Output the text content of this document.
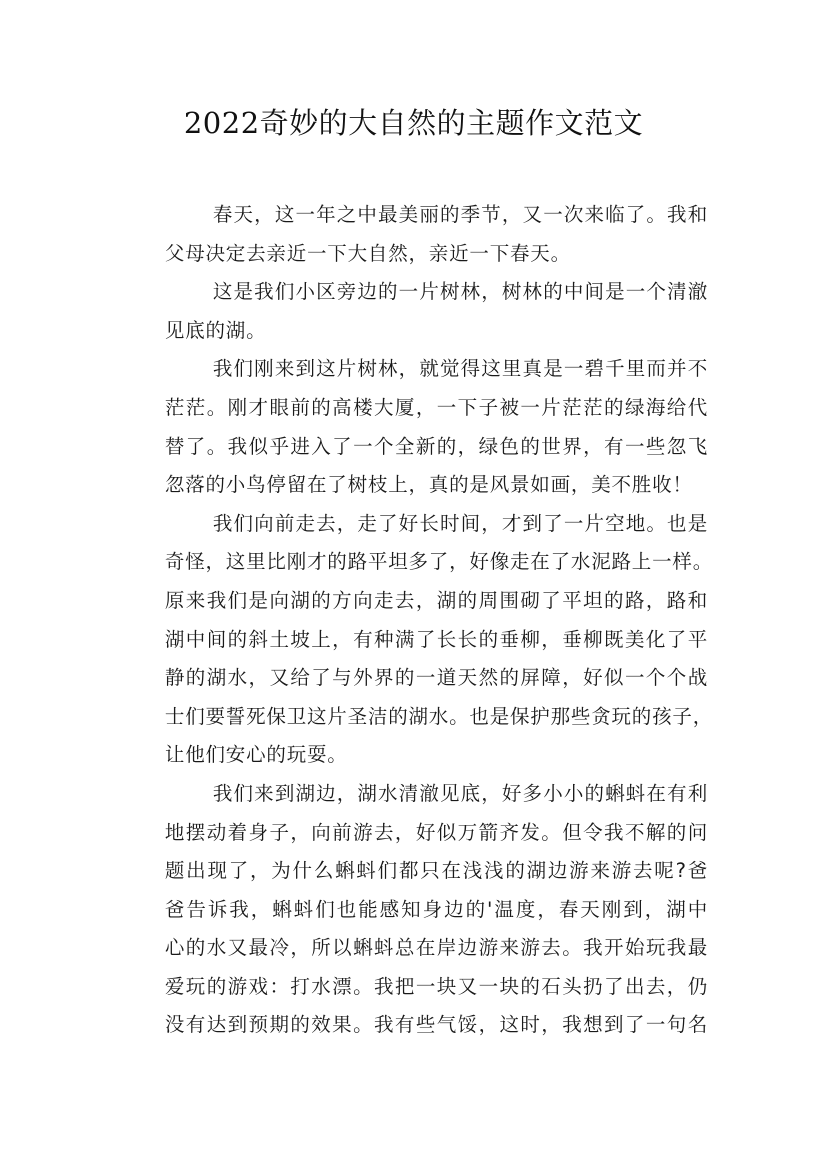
2022奇妙的大自然的主题作文范文
春天，这一年之中最美丽的季节，又一次来临了。我和
父母决定去亲近一下大自然，亲近一下春天。
这是我们小区旁边的一片树林，树林的中间是一个清澈
见底的湖。
我们刚来到这片树林，就觉得这里真是一碧千里而并不
茫茫。刚才眼前的高楼大厦，一下子被一片茫茫的绿海给代
替了。我似乎进入了一个全新的，绿色的世界，有一些忽飞
忽落的小鸟停留在了树枝上，真的是风景如画，美不胜收！
我们向前走去，走了好长时间，才到了一片空地。也是
奇怪，这里比刚才的路平坦多了，好像走在了水泥路上一样。
原来我们是向湖的方向走去，湖的周围砌了平坦的路，路和
湖中间的斜土坡上，有种满了长长的垂柳，垂柳既美化了平
静的湖水，又给了与外界的一道天然的屏障，好似一个个战
士们要誓死保卫这片圣洁的湖水。也是保护那些贪玩的孩子，
让他们安心的玩耍。
我们来到湖边，湖水清澈见底，好多小小的蝌蚪在有利
地摆动着身子，向前游去，好似万箭齐发。但令我不解的问
题出现了，为什么蝌蚪们都只在浅浅的湖边游来游去呢?爸
爸告诉我，蝌蚪们也能感知身边的'温度，春天刚到，湖中
心的水又最冷，所以蝌蚪总在岸边游来游去。我开始玩我最
爱玩的游戏：打水漂。我把一块又一块的石头扔了出去，仍
没有达到预期的效果。我有些气馁，这时，我想到了一句名
